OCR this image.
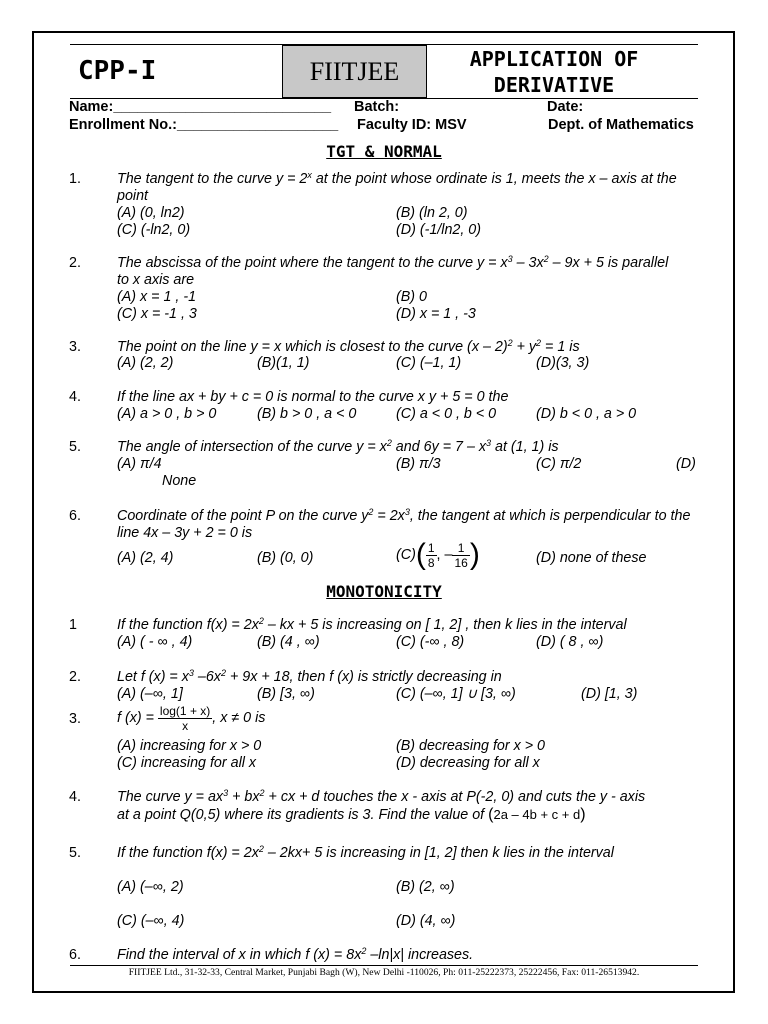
CPP-I	FIITJEE	APPLICATION OF
DERIVATIVE
Name:___________________________ Batch:	Date:
Enrollment No.:____________________ Faculty ID: MSV	Dept. of Mathematics
TGT & NORMAL
1.	The tangent to the curve $y = 2^x$ at the point whose ordinate is 1, meets the x – axis at the point
(A) (0, ln2)	(B) (ln 2, 0)
(C) (-ln2, 0)	(D) (-1/ln2, 0)
2.	The abscissa of the point where the tangent to the curve $y = x^3 - 3x^2 - 9x + 5$ is parallel to x axis are
(A) x = 1 , -1	(B) 0
(C) x = -1 , 3	(D) x = 1 , -3
3.	The point on the line y = x which is closest to the curve $(x - 2)^2 + y^2 = 1$ is
(A) (2, 2)	(B)(1, 1)	(C) (–1, 1)	(D)(3, 3)
4.	If the line ax + by + c = 0 is normal to the curve x y + 5 = 0 the
(A) a > 0 , b > 0	(B) b > 0 , a < 0	(C) a < 0 , b < 0	(D) b < 0 , a > 0
5.	The angle of intersection of the curve $y = x^2$ and $6y = 7 - x^3$ at (1, 1) is
(A) π/4	(B) π/3	(C) π/2	(D)
None
6.	Coordinate of the point P on the curve $y^2 = 2x^3$, the tangent at which is perpendicular to the line 4x – 3y + 2 = 0 is
(A) (2, 4)	(B) (0, 0)	$(C)( \frac{1}{8}$ , – $\frac{1}{16}$ )	(D) none of these
MONOTONICITY
1	If the function $f(x) = 2x^2$ – kx + 5 is increasing on [ 1, 2] , then k lies in the interval
(A) ( - ∞ , 4)	(B) (4 , ∞)	(C) (-∞ , 8)	(D) ( 8 , ∞)
2.	Let f $(x) = x^3$ $-6x^2 + 9x + 18$, then f (x) is strictly decreasing in
(A) (–∞, 1]	(B) [3, ∞)	(C) (–∞, 1] ∪ [3, ∞)	(D) [1, 3)
3.	f $(x) = \frac{\log(1 + x)}{x}$ , x ≠ 0 is
(A) increasing for x > 0	(B) decreasing for x > 0
(C) increasing for all x	(D) decreasing for all x
4.	The curve $y = ax^3 + bx^2$ + cx + d touches the x - axis at P(-2, 0) and cuts the y - axis
at a point Q(0,5) where its gradients is 3. Find the value of (2a – 4b + c + d)
5.	If the function $f(x) = 2x^2 - 2kx+ 5$ is increasing in [1, 2] then k lies in the interval
(A) (–∞, 2)	(B) (2, ∞)
(C) (–∞, 4)	(D) (4, ∞)
6.	Find the interval of x in which f $(x) = 8x^2$ –ln|x| increases.
FIITJEE Ltd., 31-32-33, Central Market, Punjabi Bagh (W), New Delhi -110026, Ph: 011-25222373, 25222456, Fax: 011-26513942.
